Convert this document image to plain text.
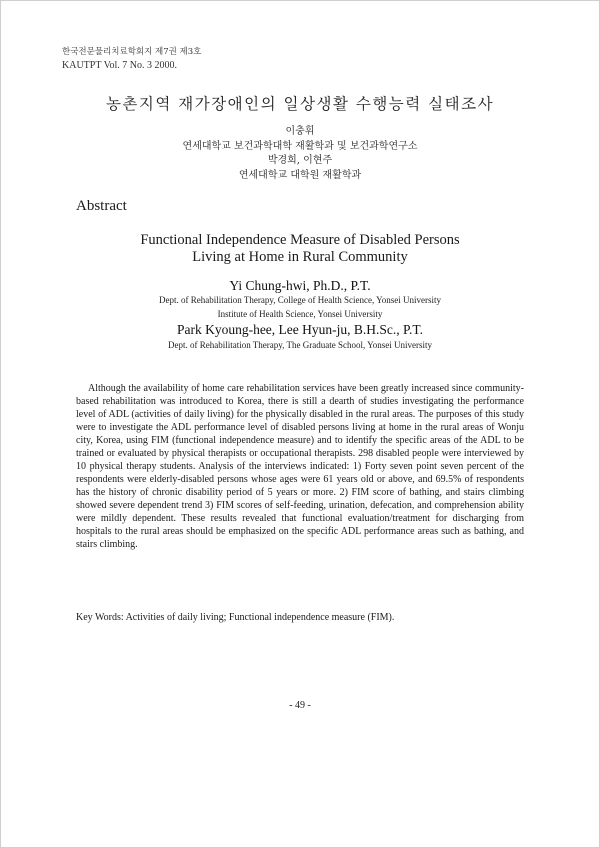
한국전문물리치료학회지 제7권 제3호
KAUTPT Vol. 7 No. 3 2000.
농촌지역 재가장애인의 일상생활 수행능력 실태조사
이충휘
연세대학교 보건과학대학 재활학과 및 보건과학연구소
박경희, 이현주
연세대학교 대학원 재활학과
Abstract
Functional Independence Measure of Disabled Persons
Living at Home in Rural Community
Yi Chung-hwi, Ph.D., P.T.
Dept. of Rehabilitation Therapy, College of Health Science, Yonsei University
Institute of Health Science, Yonsei University
Park Kyoung-hee, Lee Hyun-ju, B.H.Sc., P.T.
Dept. of Rehabilitation Therapy, The Graduate School, Yonsei University

Although the availability of home care rehabilitation services have been greatly increased since community-based rehabilitation was introduced to Korea, there is still a dearth of studies investigating the performance level of ADL (activities of daily living) for the physically disabled in the rural areas. The purposes of this study were to investigate the ADL performance level of disabled persons living at home in the rural areas of Wonju city, Korea, using FIM (functional independence measure) and to identify the specific areas of the ADL to be trained or evaluated by physical therapists or occupational therapists. 298 disabled people were interviewed by 10 physical therapy students. Analysis of the interviews indicated: 1) Forty seven point seven percent of the respondents were elderly-disabled persons whose ages were 61 years old or above, and 69.5% of respondents has the history of chronic disability period of 5 years or more. 2) FIM score of bathing, and stairs climbing showed severe dependent trend 3) FIM scores of self-feeding, urination, defecation, and comprehension ability were mildly dependent. These results revealed that functional evaluation/treatment for discharging from hospitals to the rural areas should be emphasized on the specific ADL performance areas such as bathing, and stairs climbing.

Key Words: Activities of daily living; Functional independence measure (FIM).
- 49 -
